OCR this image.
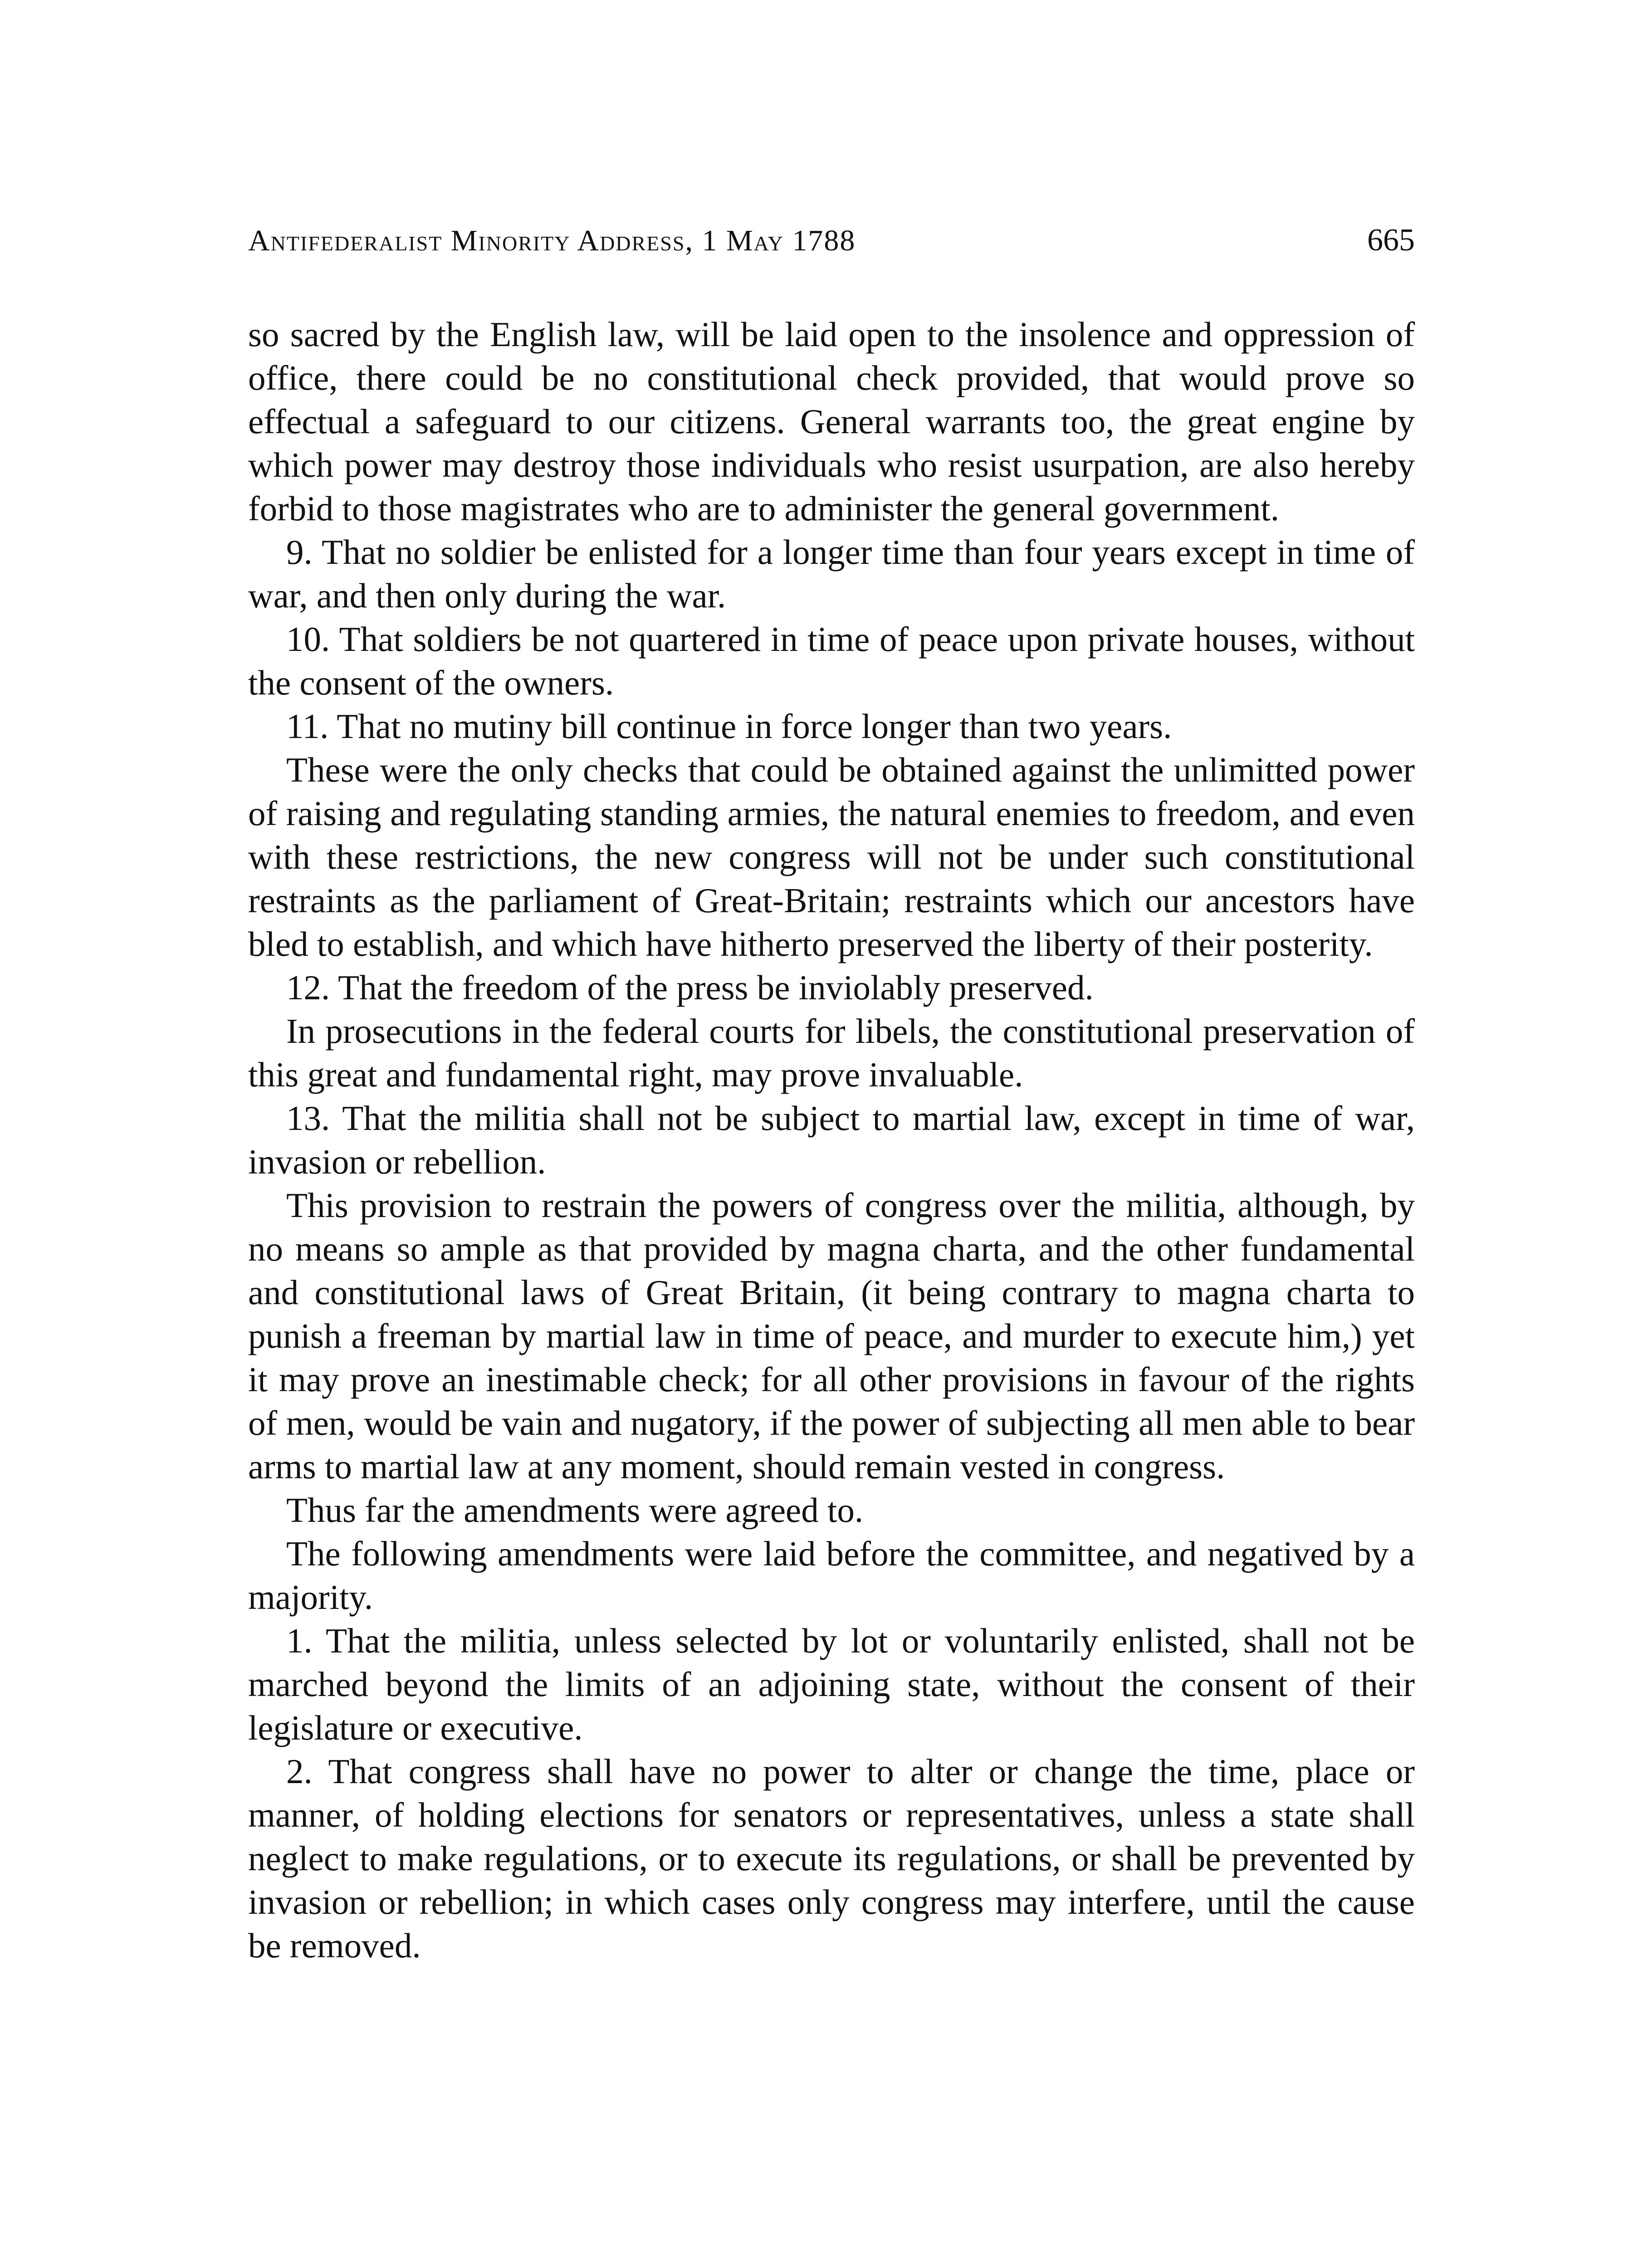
Antifederalist Minority Address, 1 May 1788	665

so sacred by the English law, will be laid open to the insolence and oppression of office, there could be no constitutional check provided, that would prove so effectual a safeguard to our citizens. General warrants too, the great engine by which power may destroy those individuals who resist usurpation, are also hereby forbid to those magistrates who are to administer the general government.

9. That no soldier be enlisted for a longer time than four years except in time of war, and then only during the war.

10. That soldiers be not quartered in time of peace upon private houses, without the consent of the owners.

11. That no mutiny bill continue in force longer than two years.

These were the only checks that could be obtained against the unlimitted power of raising and regulating standing armies, the natural enemies to freedom, and even with these restrictions, the new congress will not be under such constitutional restraints as the parliament of Great-Britain; restraints which our ancestors have bled to establish, and which have hitherto preserved the liberty of their posterity.

12. That the freedom of the press be inviolably preserved.

In prosecutions in the federal courts for libels, the constitutional preservation of this great and fundamental right, may prove invaluable.

13. That the militia shall not be subject to martial law, except in time of war, invasion or rebellion.

This provision to restrain the powers of congress over the militia, although, by no means so ample as that provided by magna charta, and the other fundamental and constitutional laws of Great Britain, (it being contrary to magna charta to punish a freeman by martial law in time of peace, and murder to execute him,) yet it may prove an inestimable check; for all other provisions in favour of the rights of men, would be vain and nugatory, if the power of subjecting all men able to bear arms to martial law at any moment, should remain vested in congress.

Thus far the amendments were agreed to.

The following amendments were laid before the committee, and negatived by a majority.

1. That the militia, unless selected by lot or voluntarily enlisted, shall not be marched beyond the limits of an adjoining state, without the consent of their legislature or executive.

2. That congress shall have no power to alter or change the time, place or manner, of holding elections for senators or representatives, unless a state shall neglect to make regulations, or to execute its regulations, or shall be prevented by invasion or rebellion; in which cases only congress may interfere, until the cause be removed.
